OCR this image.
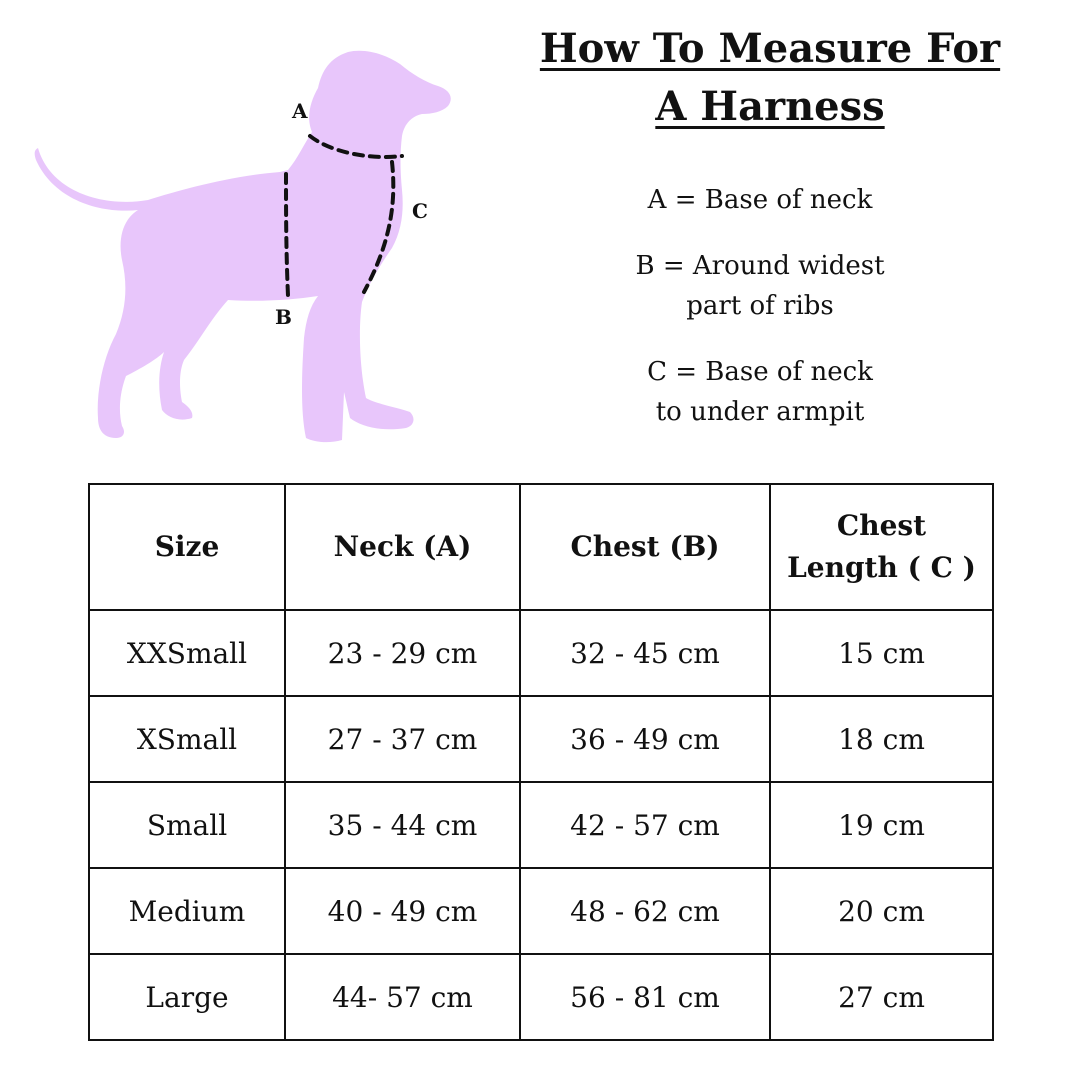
A
C
B
How To Measure For A Harness

A = Base of neck

B = Around widest
part of ribs

C = Base of neck
to under armpit

Size	Neck (A)	Chest (B)	Chest
Length ( C )
XXSmall	23 - 29 cm	32 - 45 cm	15 cm
XSmall	27 - 37 cm	36 - 49 cm	18 cm
Small	35 - 44 cm	42 - 57 cm	19 cm
Medium	40 - 49 cm	48 - 62 cm	20 cm
Large	44- 57 cm	56 - 81 cm	27 cm
